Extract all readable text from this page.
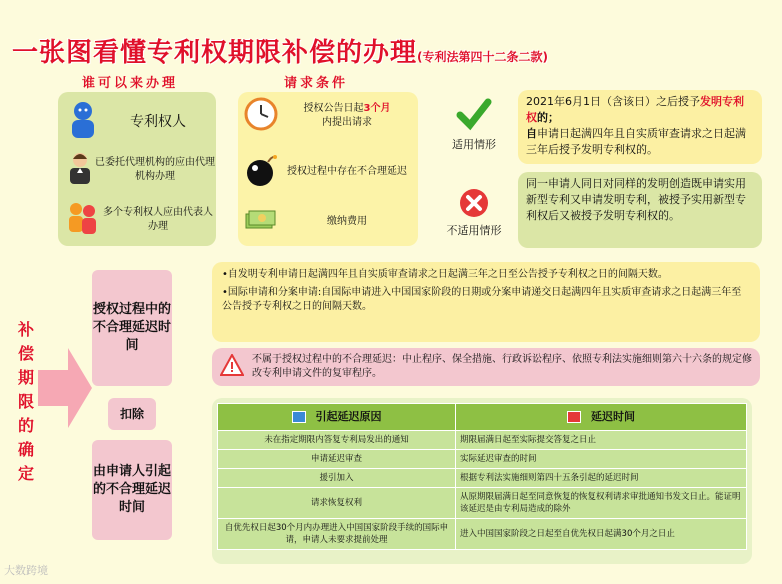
一张图看懂专利权期限补偿的办理(专利法第四十二条二款)
谁可以来办理	请求条件
专利权人
已委托代理机构的应由代理机构办理
多个专利权人应由代表人办理
授权公告日起3个月
内提出请求
授权过程中存在不合理延迟
缴纳费用
适用情形
2021年6月1日（含该日）之后授予发明专利权的；
自申请日起满四年且自实质审查请求之日起满三年后授予发明专利权的。
不适用情形
同一申请人同日对同样的发明创造既申请实用新型专利又申请发明专利，被授予实用新型专利权后又被授予发明专利权的。
补偿期限的确定
授权过程中的不合理延迟时间
扣除
由申请人引起的不合理延迟时间
•自发明专利申请日起满四年且自实质审查请求之日起满三年之日至公告授予专利权之日的间隔天数。
•国际申请和分案申请:自国际申请进入中国国家阶段的日期或分案申请递交日起满四年且实质审查请求之日起满三年至公告授予专利权之日的间隔天数。
不属于授权过程中的不合理延迟：中止程序、保全措施、行政诉讼程序、依照专利法实施细则第六十六条的规定修改专利申请文件的复审程序。
引起延迟原因	延迟时间
未在指定期限内答复专利局发出的通知	期限届满日起至实际提交答复之日止
申请延迟审查	实际延迟审查的时间
援引加入	根据专利法实施细则第四十五条引起的延迟时间
请求恢复权利	从原期限届满日起至同意恢复的恢复权利请求审批通知书发文日止。能证明该延迟是由专利局造成的除外
自优先权日起30个月内办理进入中国国家阶段手续的国际申请，申请人未要求提前处理	进入中国国家阶段之日起至自优先权日起满30个月之日止
大数跨境
